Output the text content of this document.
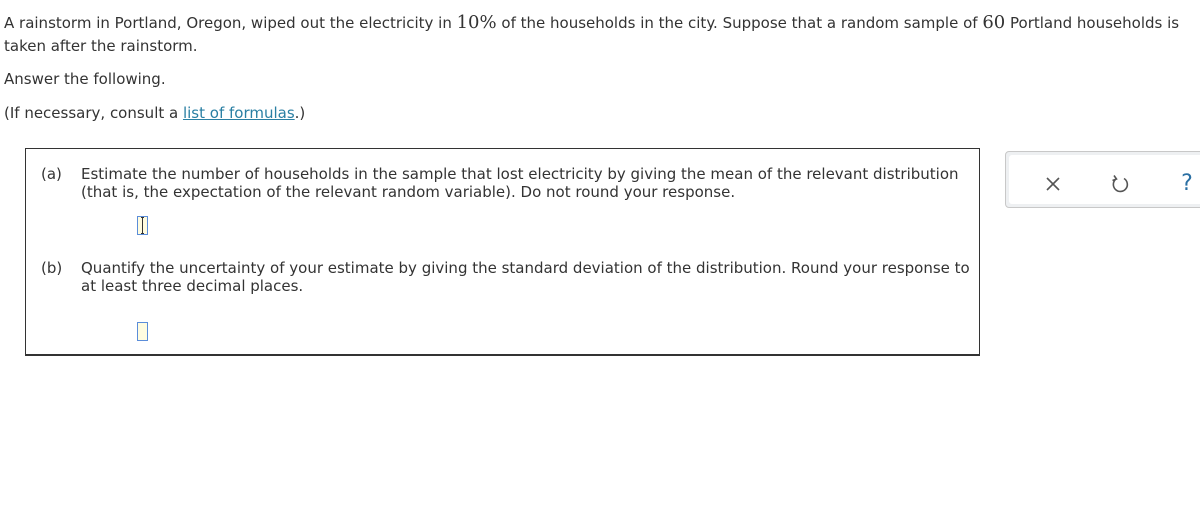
A rainstorm in Portland, Oregon, wiped out the electricity in 10% of the households in the city. Suppose that a random sample of 60 Portland households is taken after the rainstorm.
Answer the following.
(If necessary, consult a list of formulas.)
(a) Estimate the number of households in the sample that lost electricity by giving the mean of the relevant distribution (that is, the expectation of the relevant random variable). Do not round your response.
(b) Quantify the uncertainty of your estimate by giving the standard deviation of the distribution. Round your response to at least three decimal places.
?
